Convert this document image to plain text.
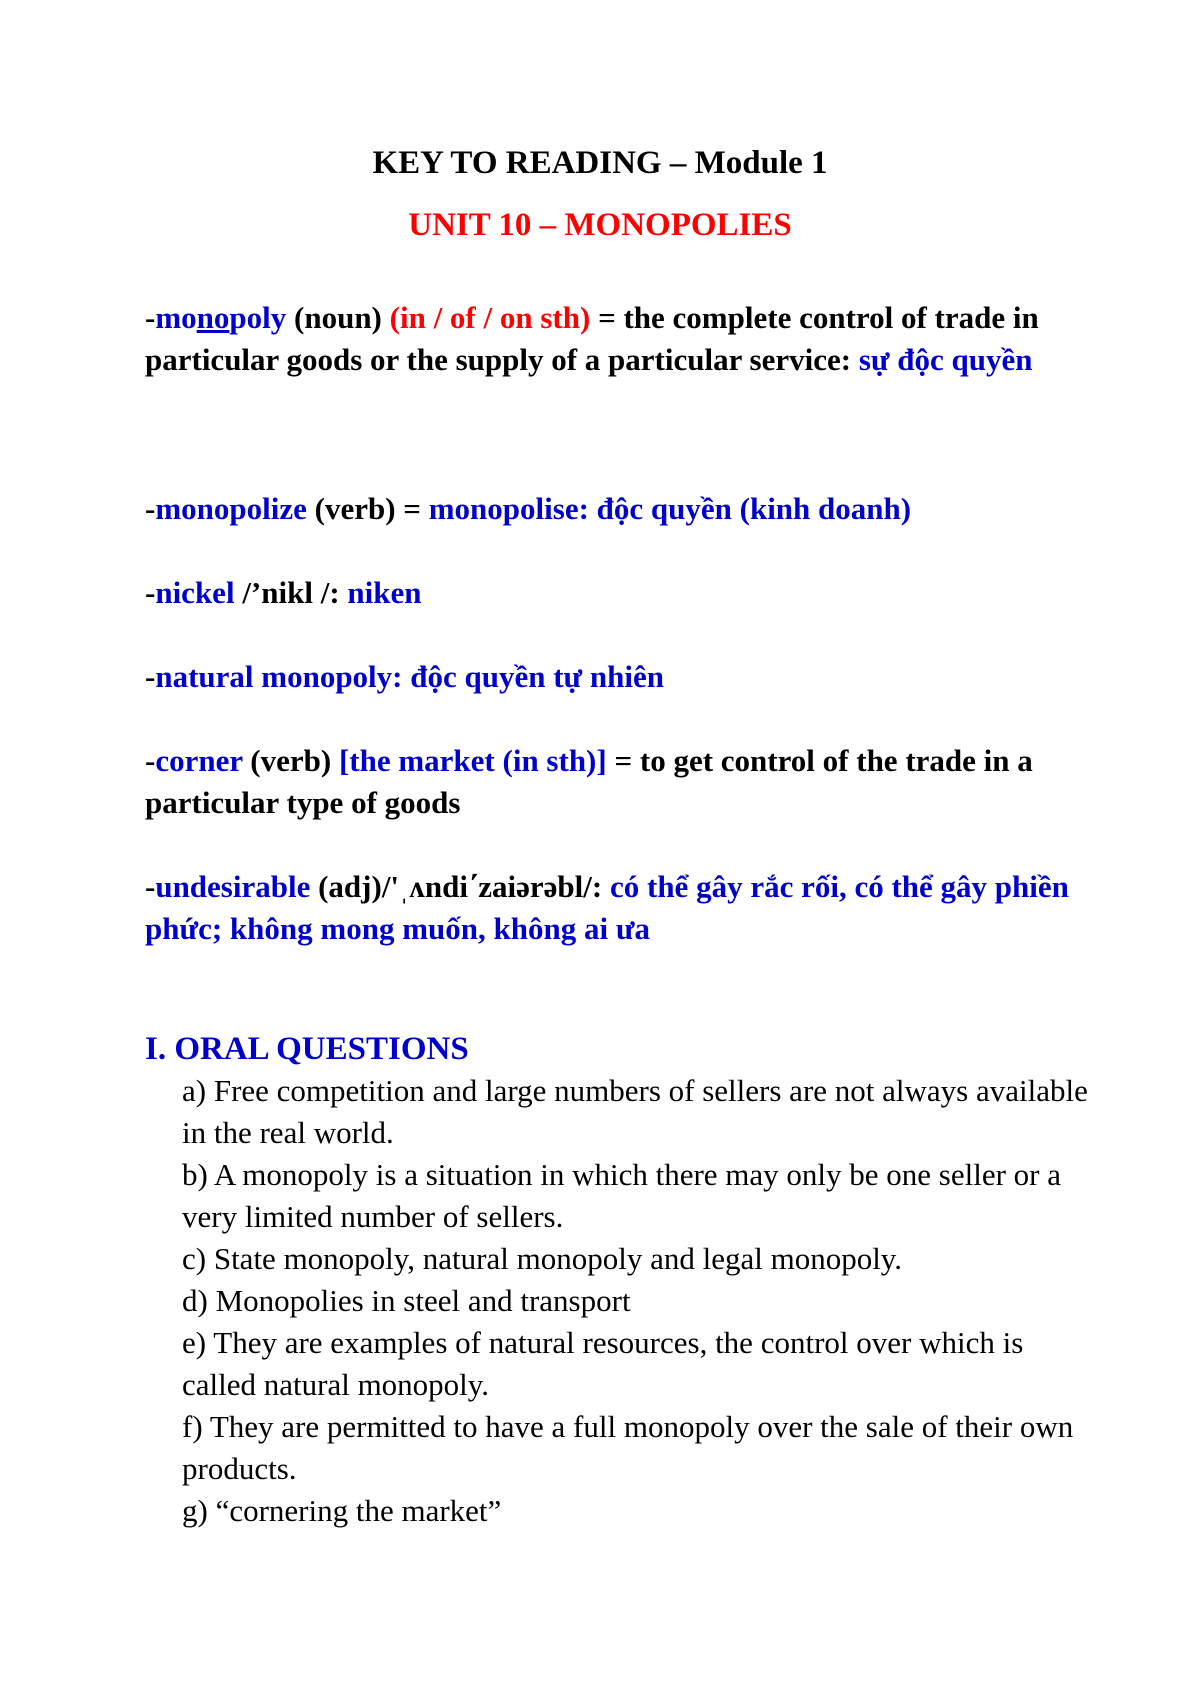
KEY TO READING – Module 1
UNIT 10 – MONOPOLIES
-monopoly (noun) (in / of / on sth) = the complete control of trade in particular goods or the supply of a particular service: sự độc quyền
-monopolize (verb) = monopolise: độc quyền (kinh doanh)
-nickel /’nikl /: niken
-natural monopoly: độc quyền tự nhiên
-corner (verb) [the market (in sth)] = to get control of the trade in a particular type of goods
-undesirable (adj)/'ˌʌndi΄zaiərəbl/: có thể gây rắc rối, có thể gây phiền phức; không mong muốn, không ai ưa
I. ORAL QUESTIONS
a) Free competition and large numbers of sellers are not always available in the real world.
b) A monopoly is a situation in which there may only be one seller or a very limited number of sellers.
c) State monopoly, natural monopoly and legal monopoly.
d) Monopolies in steel and transport
e) They are examples of natural resources, the control over which is called natural monopoly.
f) They are permitted to have a full monopoly over the sale of their own products.
g) “cornering the market”
